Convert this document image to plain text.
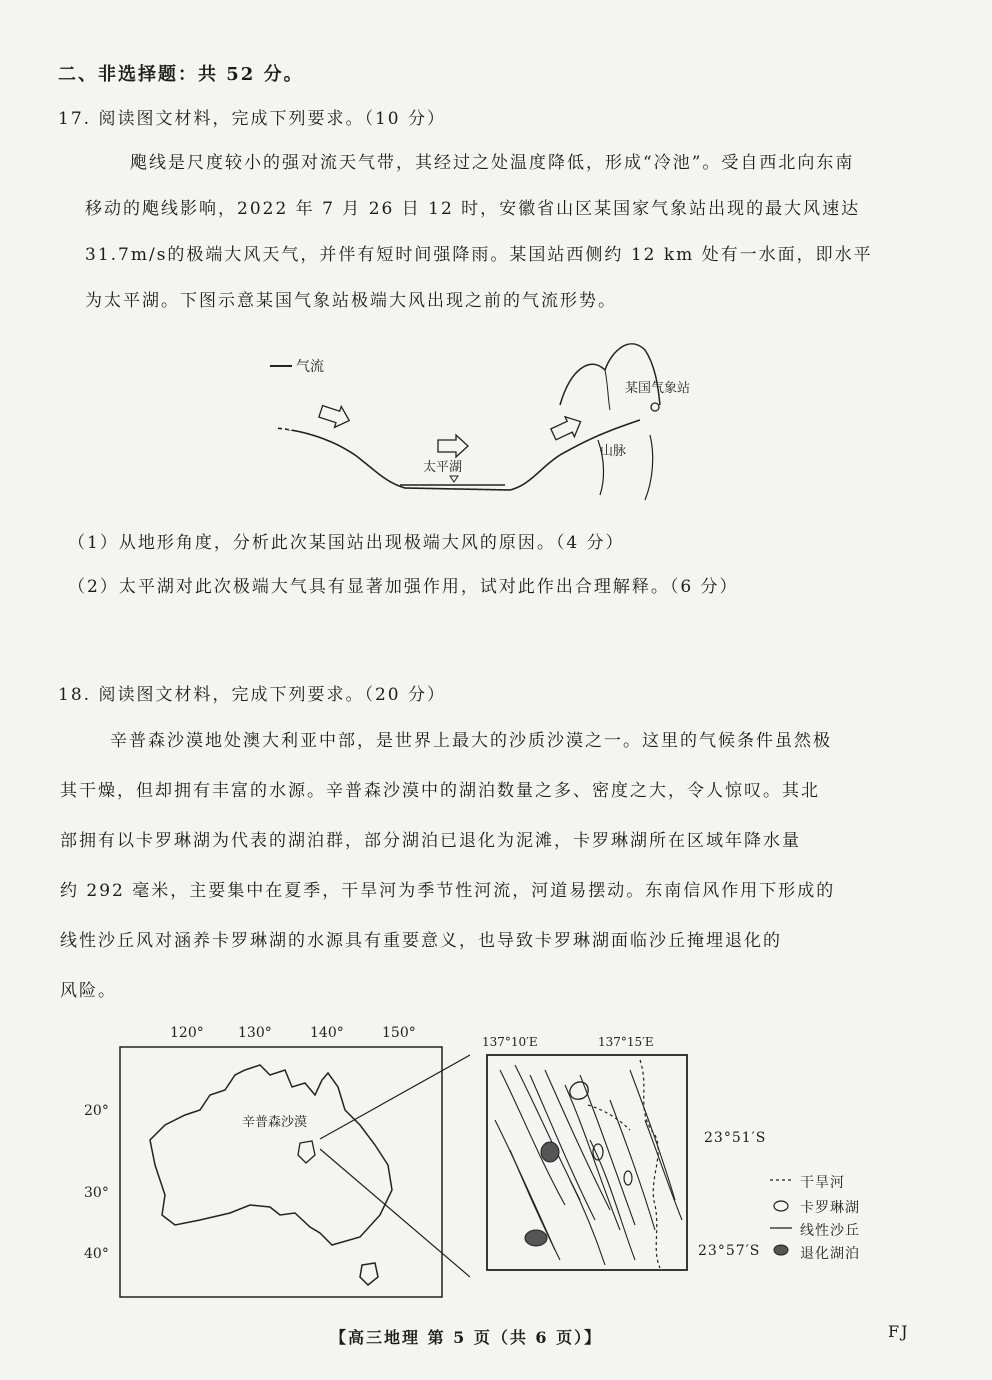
二、非选择题：共 52 分。
17. 阅读图文材料，完成下列要求。（10 分）
飑线是尺度较小的强对流天气带，其经过之处温度降低，形成“冷池”。受自西北向东南
移动的飑线影响，2022 年 7 月 26 日 12 时，安徽省山区某国家气象站出现的最大风速达
31.7m/s的极端大风天气，并伴有短时间强降雨。某国站西侧约 12 km 处有一水面，即水平
为太平湖。下图示意某国气象站极端大风出现之前的气流形势。
气流
太平湖
山脉
某国气象站
（1）从地形角度，分析此次某国站出现极端大风的原因。（4 分）
（2）太平湖对此次极端大气具有显著加强作用，试对此作出合理解释。（6 分）
18. 阅读图文材料，完成下列要求。（20 分）
辛普森沙漠地处澳大利亚中部，是世界上最大的沙质沙漠之一。这里的气候条件虽然极
其干燥，但却拥有丰富的水源。辛普森沙漠中的湖泊数量之多、密度之大，令人惊叹。其北
部拥有以卡罗琳湖为代表的湖泊群，部分湖泊已退化为泥滩，卡罗琳湖所在区域年降水量
约 292 毫米，主要集中在夏季，干旱河为季节性河流，河道易摆动。东南信风作用下形成的
线性沙丘风对涵养卡罗琳湖的水源具有重要意义，也导致卡罗琳湖面临沙丘掩埋退化的
风险。
120° 130°	140°	150°
20°
30°
40°
辛普森沙漠
137°10′E	137°15′E
23°51′S
23°57′S
干旱河
卡罗琳湖
线性沙丘
退化湖泊
【高三地理 第 5 页（共 6 页）】	FJ
